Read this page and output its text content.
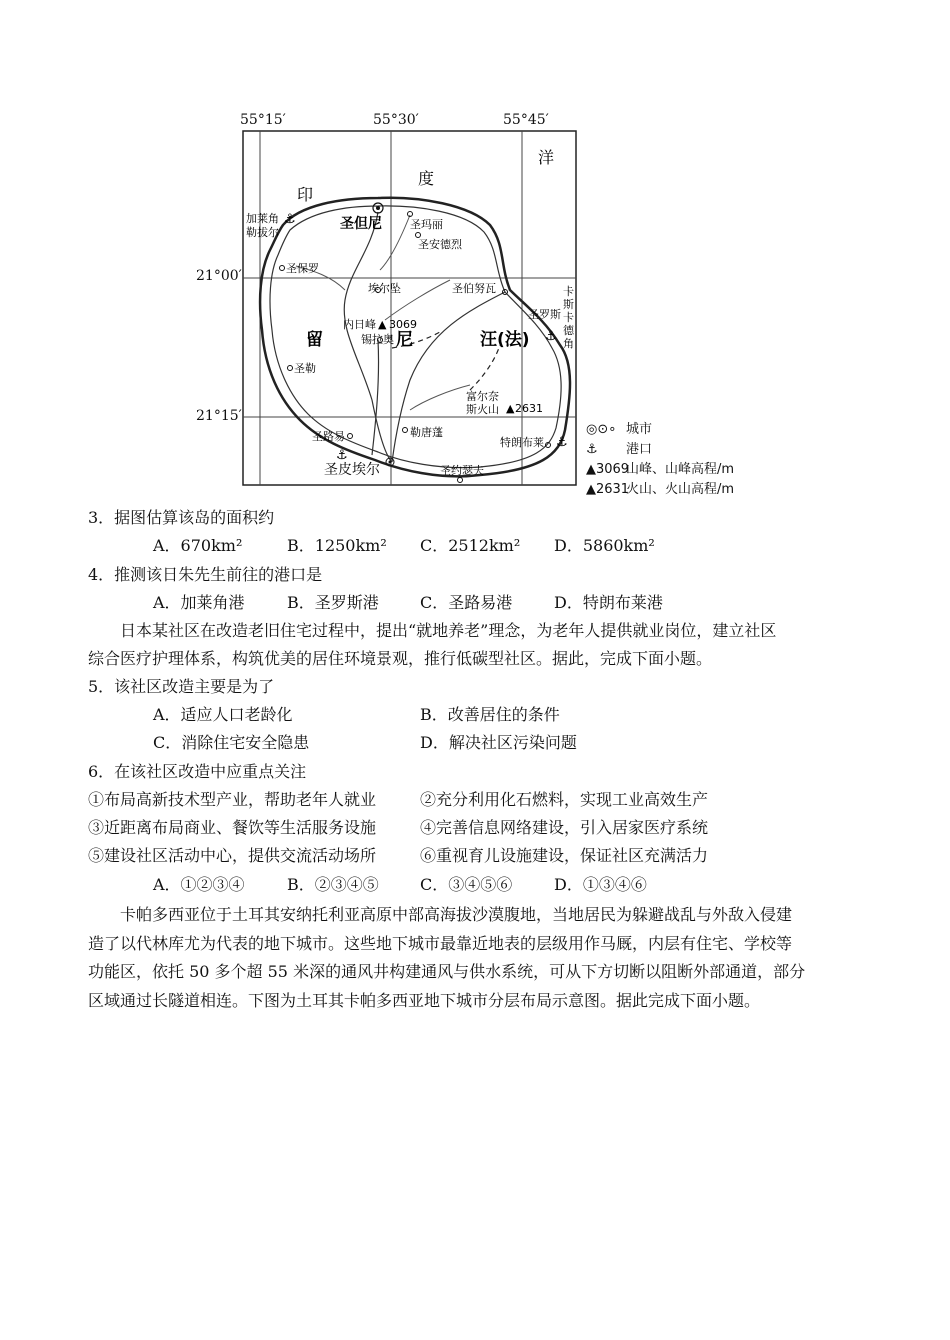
55°15′	55°30′	55°45′
21°00′
21°15′
印
度
洋
留	尼	汪(法)
圣但尼	圣玛丽
圣安德烈
加莱角
勒拔尔
⚓
圣保罗
埃尔坠	圣伯努瓦
内日峰 ▲ 3069
锡拉奥
圣罗斯
⚓
卡
斯
卡
德
角
圣勒
富尔奈
斯火山 ▲ 2631
圣路易
⚓
勒唐蓬
圣皮埃尔	圣约瑟夫
特朗布莱 ⚓
◎⊙∘ 城市
⚓ 港口
▲3069山峰、山峰高程/m
▲2631火山、火山高程/m
3．据图估算该岛的面积约
A．670km²	B．1250km² C．2512km² D．5860km²
4．推测该日朱先生前往的港口是
A．加莱角港	B．圣罗斯港	C．圣路易港	D．特朗布莱港
日本某社区在改造老旧住宅过程中，提出“就地养老”理念，为老年人提供就业岗位，建立社区
综合医疗护理体系，构筑优美的居住环境景观，推行低碳型社区。据此，完成下面小题。
5．该社区改造主要是为了
A．适应人口老龄化	B．改善居住的条件
C．消除住宅安全隐患	D．解决社区污染问题
6．在该社区改造中应重点关注
①布局高新技术型产业，帮助老年人就业	②充分利用化石燃料，实现工业高效生产
③近距离布局商业、餐饮等生活服务设施	④完善信息网络建设，引入居家医疗系统
⑤建设社区活动中心，提供交流活动场所	⑥重视育儿设施建设，保证社区充满活力
A．①②③④	B．②③④⑤	C．③④⑤⑥	D．①③④⑥
卡帕多西亚位于土耳其安纳托利亚高原中部高海拔沙漠腹地，当地居民为躲避战乱与外敌入侵建
造了以代林库尤为代表的地下城市。这些地下城市最靠近地表的层级用作马厩，内层有住宅、学校等
功能区，依托 50 多个超 55 米深的通风井构建通风与供水系统，可从下方切断以阻断外部通道，部分
区域通过长隧道相连。下图为土耳其卡帕多西亚地下城市分层布局示意图。据此完成下面小题。
